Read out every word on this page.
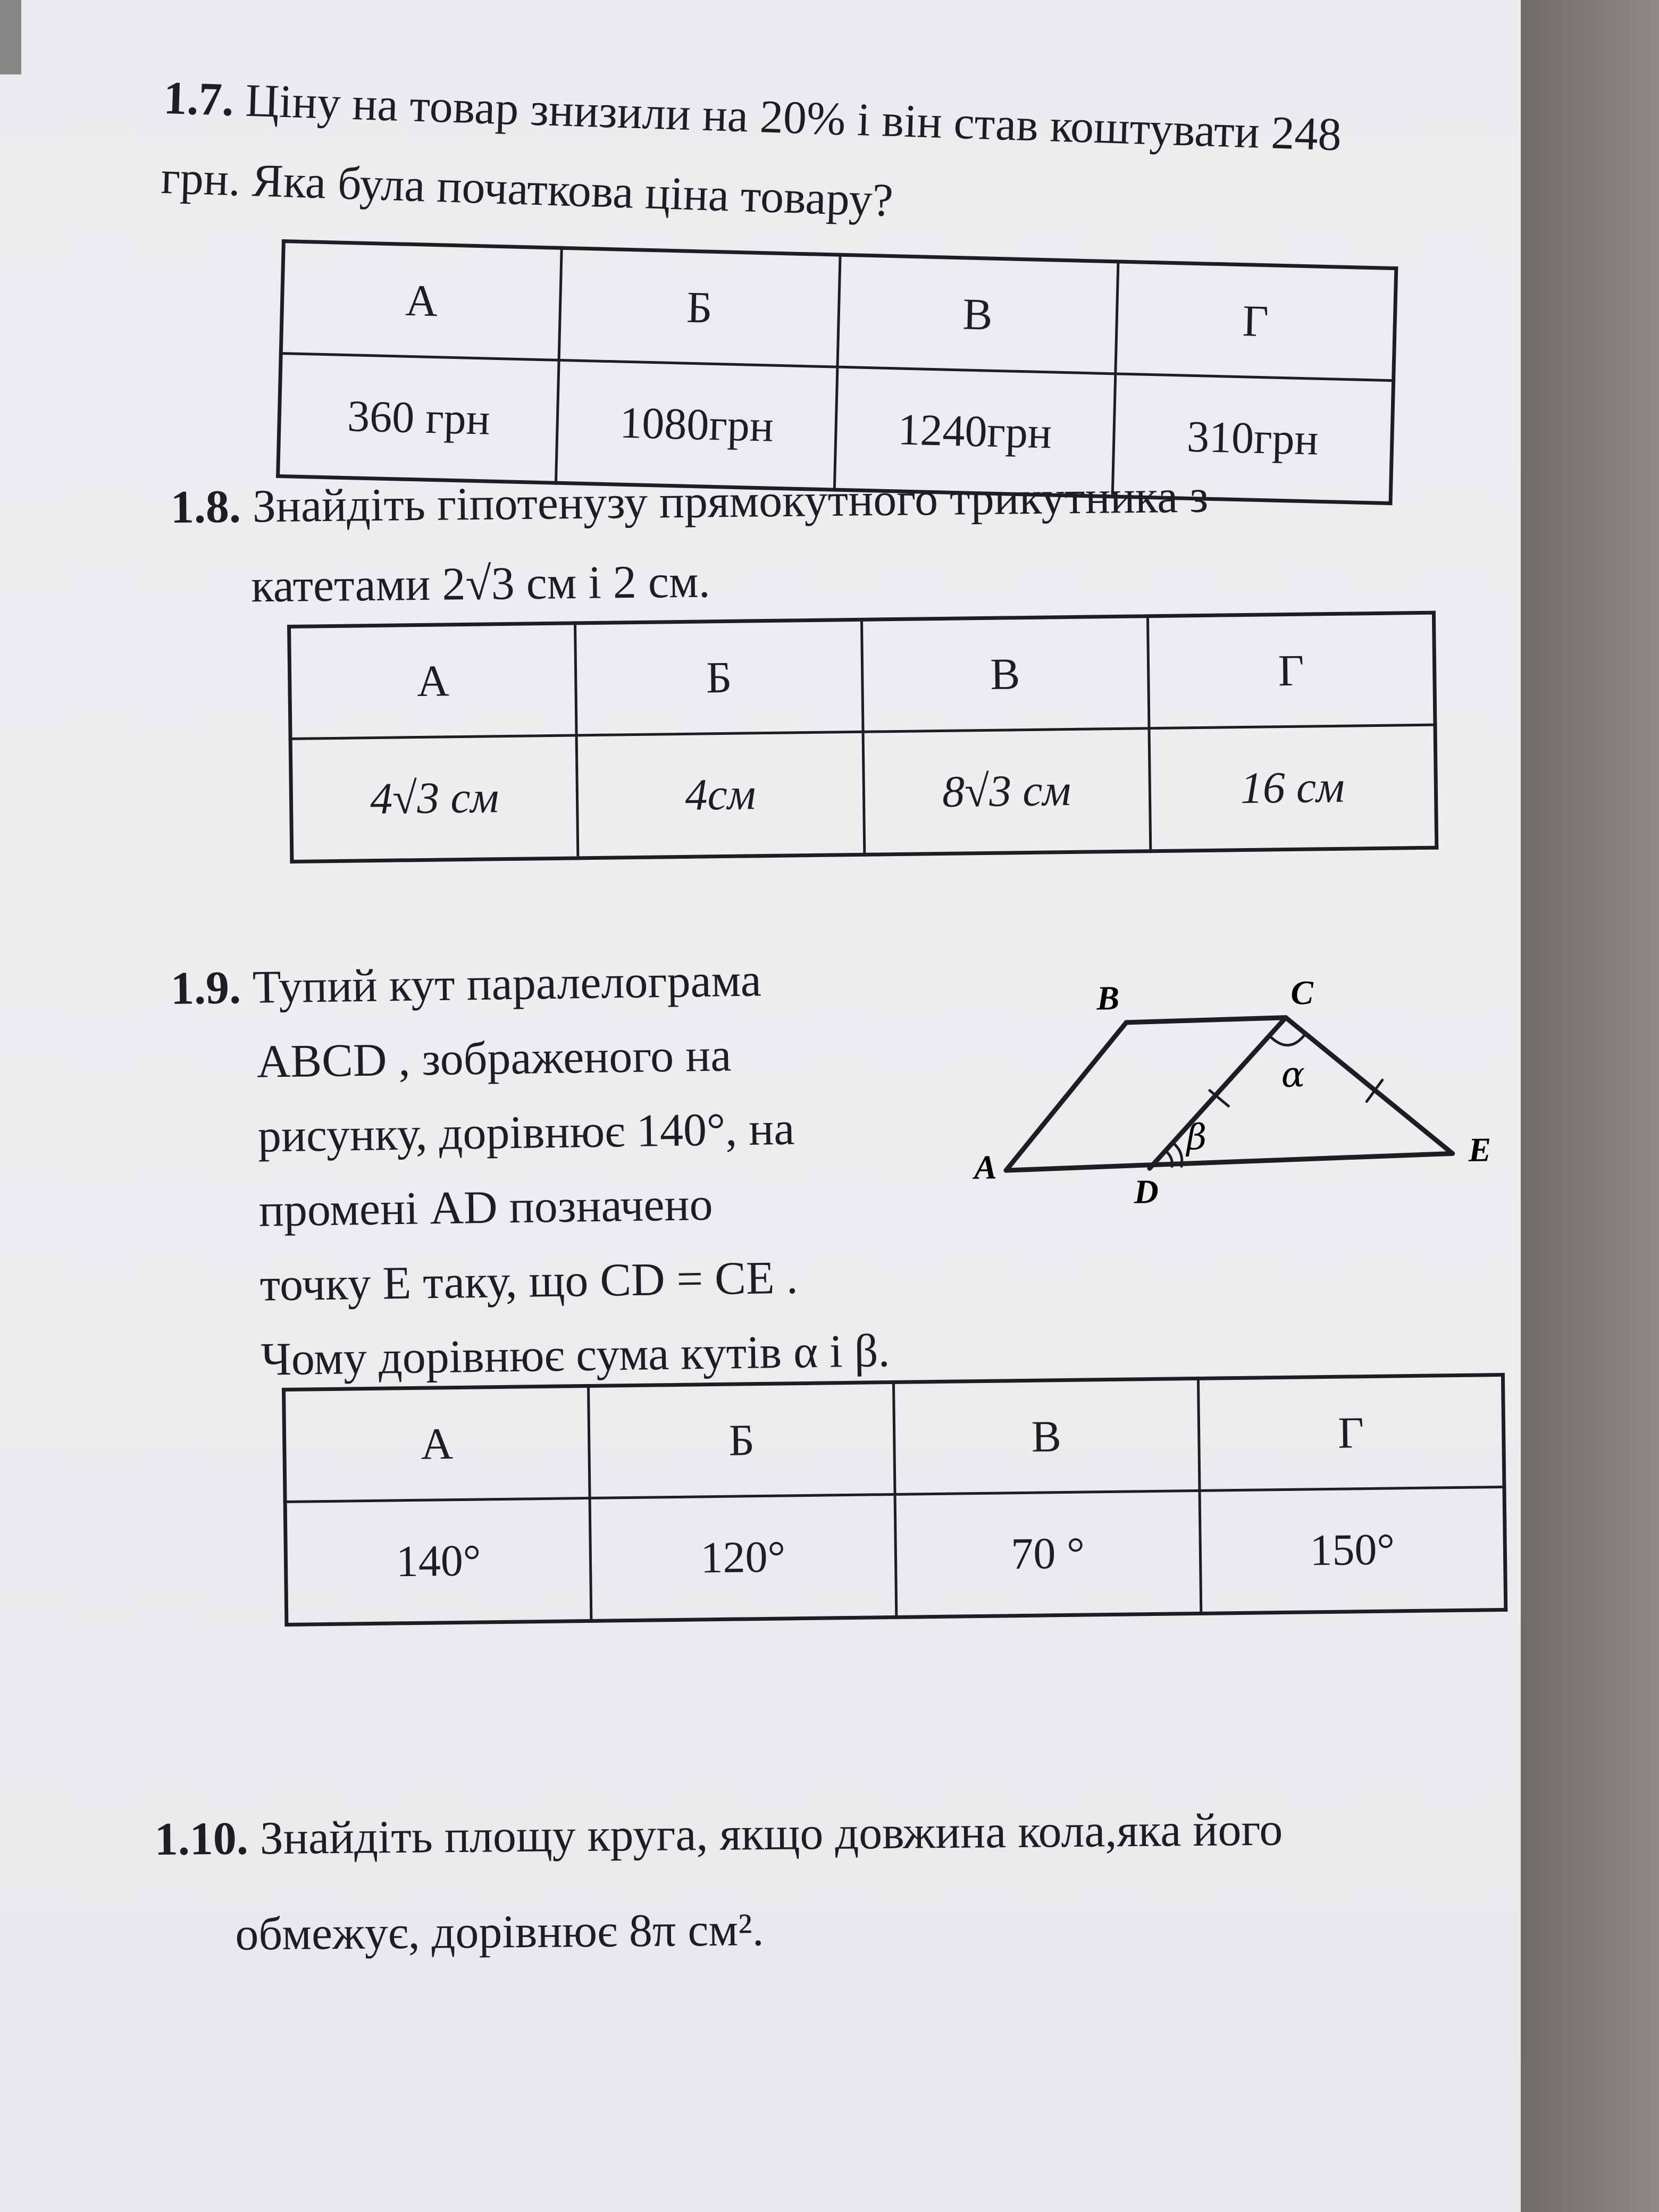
1.7. Ціну на товар знизили на 20% і він став коштувати 248
грн. Яка була початкова ціна товару?
А	Б	В	Г
360 грн	1080грн	1240грн	310грн
1.8. Знайдіть гіпотенузу прямокутного трикутника з
катетами 2√3 см і 2 см.
А	Б	В	Г
4√3 см	4см	8√3 см	16 см
1.9. Тупий кут паралелограма
ABCD , зображеного на
рисунку, дорівнює 140°, на
промені AD позначено
точку E таку, що CD = CE .
Чому дорівнює сума кутів α і β.
A
B	C
D
E
α
β
А	Б	В	Г
140°	120°	70 °	150°
1.10. Знайдіть площу круга, якщо довжина кола,яка його
обмежує, дорівнює 8π см².
